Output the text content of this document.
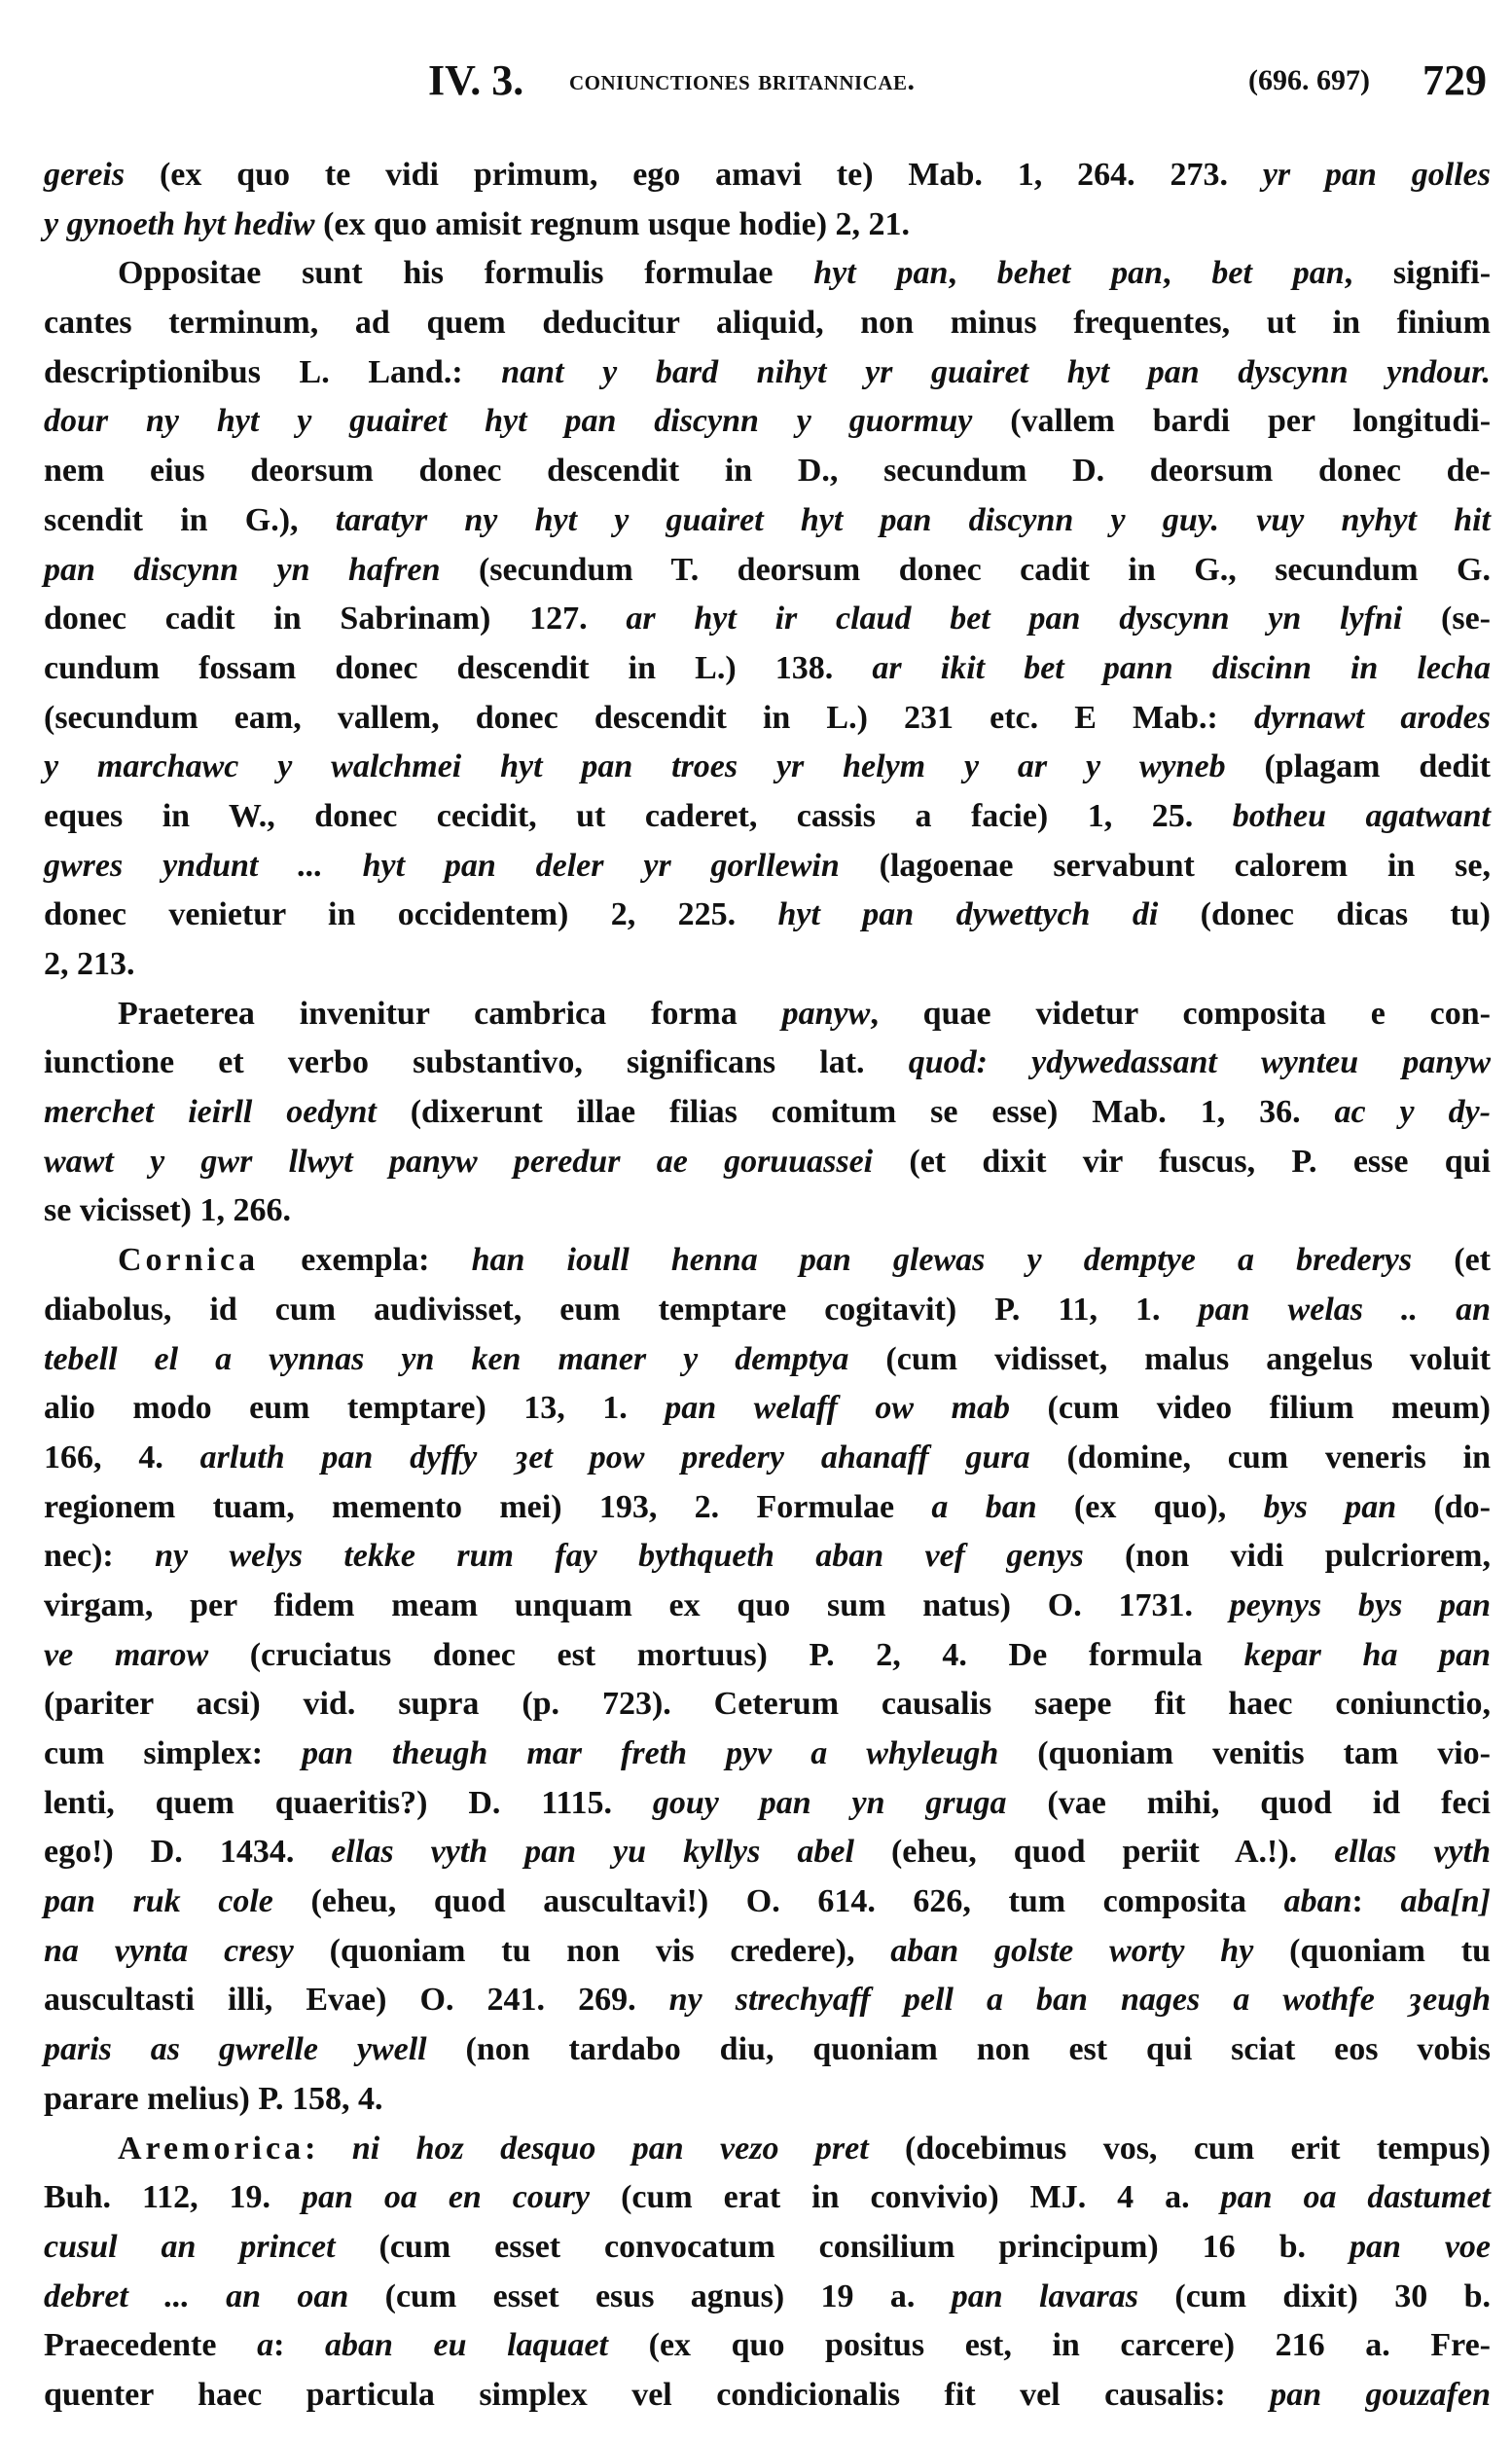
IV. 3. coniunctiones britannicae.	(696. 697) 729
gereis (ex quo te vidi primum, ego amavi te) Mab. 1, 264. 273. yr pan golles
y gynoeth hyt hediw (ex quo amisit regnum usque hodie) 2, 21.
Oppositae sunt his formulis formulae hyt pan, behet pan, bet pan, signifi-
cantes terminum, ad quem deducitur aliquid, non minus frequentes, ut in finium
descriptionibus L. Land.: nant y bard nihyt yr guairet hyt pan dyscynn yndour.
dour ny hyt y guairet hyt pan discynn y guormuy (vallem bardi per longitudi-
nem eius deorsum donec descendit in D., secundum D. deorsum donec de-
scendit in G.), taratyr ny hyt y guairet hyt pan discynn y guy. vuy nyhyt hit
pan discynn yn hafren (secundum T. deorsum donec cadit in G., secundum G.
donec cadit in Sabrinam) 127. ar hyt ir claud bet pan dyscynn yn lyfni (se-
cundum fossam donec descendit in L.) 138. ar ikit bet pann discinn in lecha
(secundum eam, vallem, donec descendit in L.) 231 etc. E Mab.: dyrnawt arodes
y marchawc y walchmei hyt pan troes yr helym y ar y wyneb (plagam dedit
eques in W., donec cecidit, ut caderet, cassis a facie) 1, 25. botheu agatwant
gwres yndunt ... hyt pan deler yr gorllewin (lagoenae servabunt calorem in se,
donec venietur in occidentem) 2, 225. hyt pan dywettych di (donec dicas tu)
2, 213.
Praeterea invenitur cambrica forma panyw, quae videtur composita e con-
iunctione et verbo substantivo, significans lat. quod: ydywedassant wynteu panyw
merchet ieirll oedynt (dixerunt illae filias comitum se esse) Mab. 1, 36. ac y dy-
wawt y gwr llwyt panyw peredur ae goruuassei (et dixit vir fuscus, P. esse qui
se vicisset) 1, 266.
Cornica exempla: han ioull henna pan glewas y demptye a brederys (et
diabolus, id cum audivisset, eum temptare cogitavit) P. 11, 1. pan welas .. an
tebell el a vynnas yn ken maner y demptya (cum vidisset, malus angelus voluit
alio modo eum temptare) 13, 1. pan welaff ow mab (cum video filium meum)
166, 4. arluth pan dyffy ȝet pow predery ahanaff gura (domine, cum veneris in
regionem tuam, memento mei) 193, 2. Formulae a ban (ex quo), bys pan (do-
nec): ny welys tekke rum fay bythqueth aban vef genys (non vidi pulcriorem,
virgam, per fidem meam unquam ex quo sum natus) O. 1731. peynys bys pan
ve marow (cruciatus donec est mortuus) P. 2, 4. De formula kepar ha pan
(pariter acsi) vid. supra (p. 723). Ceterum causalis saepe fit haec coniunctio,
cum simplex: pan theugh mar freth pyv a whyleugh (quoniam venitis tam vio-
lenti, quem quaeritis?) D. 1115. gouy pan yn gruga (vae mihi, quod id feci
ego!) D. 1434. ellas vyth pan yu kyllys abel (eheu, quod periit A.!). ellas vyth
pan ruk cole (eheu, quod auscultavi!) O. 614. 626, tum composita aban: aba[n]
na vynta cresy (quoniam tu non vis credere), aban golste worty hy (quoniam tu
auscultasti illi, Evae) O. 241. 269. ny strechyaff pell a ban nages a wothfe ȝeugh
paris as gwrelle ywell (non tardabo diu, quoniam non est qui sciat eos vobis
parare melius) P. 158, 4.
Aremorica: ni hoz desquo pan vezo pret (docebimus vos, cum erit tempus)
Buh. 112, 19. pan oa en coury (cum erat in convivio) MJ. 4 a. pan oa dastumet
cusul an princet (cum esset convocatum consilium principum) 16 b. pan voe
debret ... an oan (cum esset esus agnus) 19 a. pan lavaras (cum dixit) 30 b.
Praecedente a: aban eu laquaet (ex quo positus est, in carcere) 216 a. Fre-
quenter haec particula simplex vel condicionalis fit vel causalis: pan gouzafen
